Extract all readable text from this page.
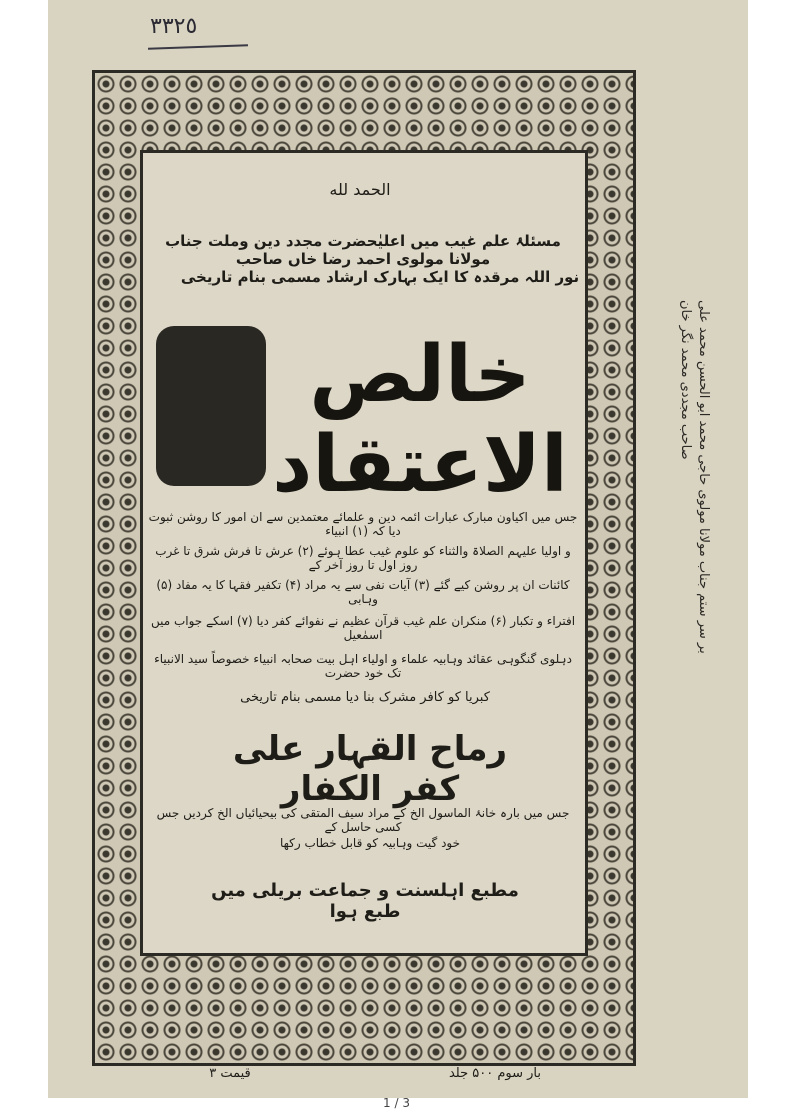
٣٣٢٥
بر سر ستم جناب مولانا مولوی حاجی محمد ابو الحسن محمد علی صاحب مجددی محمد نگر خان
الحمد لله
مسئلۂ علم غیب میں اعلیٰحضرت مجدد دین وملت جناب مولانا مولوی احمد رضا خاں صاحب
نور اللہ مرقدہ کا ایک بہارک ارشاد مسمی بنام تاریخی
خالص الاعتقاد
جس میں اکیاون مبارک عبارات ائمہ دین و علمائے معتمدین سے ان امور کا روشن ثبوت دیا کہ (۱) انبیاء
و اولیا علیہم الصلاۃ والثناء کو علوم غیب عطا ہوئے (۲) عرش تا فرش شرق تا غرب روز اول تا روز آخر کے
کائنات ان پر روشن کیے گئے (۳) آیات نفی سے یہ مراد (۴) تکفیر فقہا کا یہ مفاد (۵) وہابی
افتراء و تکبار (۶) منکران علم غیب قرآن عظیم نے نفوائے کفر دیا (۷) اسکے جواب میں اسمٰعیل
دہلوی گنگوہی عقائد وہابیہ علماء و اولیاء اہل بیت صحابہ انبیاء خصوصاً سید الانبیاء تک خود حضرت
کبریا کو کافر مشرک بنا دیا مسمی بنام تاریخی
رماح القہار علی کفر الکفار
جس میں بارہ خانۂ الماسول الخ کے مراد سیف المتقی کی بیحیائیاں الخ کردیں جس کسی حاسل کے
خود گیت وہابیہ کو قابل خطاب رکھا
مطبع اہلسنت و جماعت بریلی میں طبع ہوا
بار سوم ۵۰۰ جلد
قیمت ۳
1 / 3
